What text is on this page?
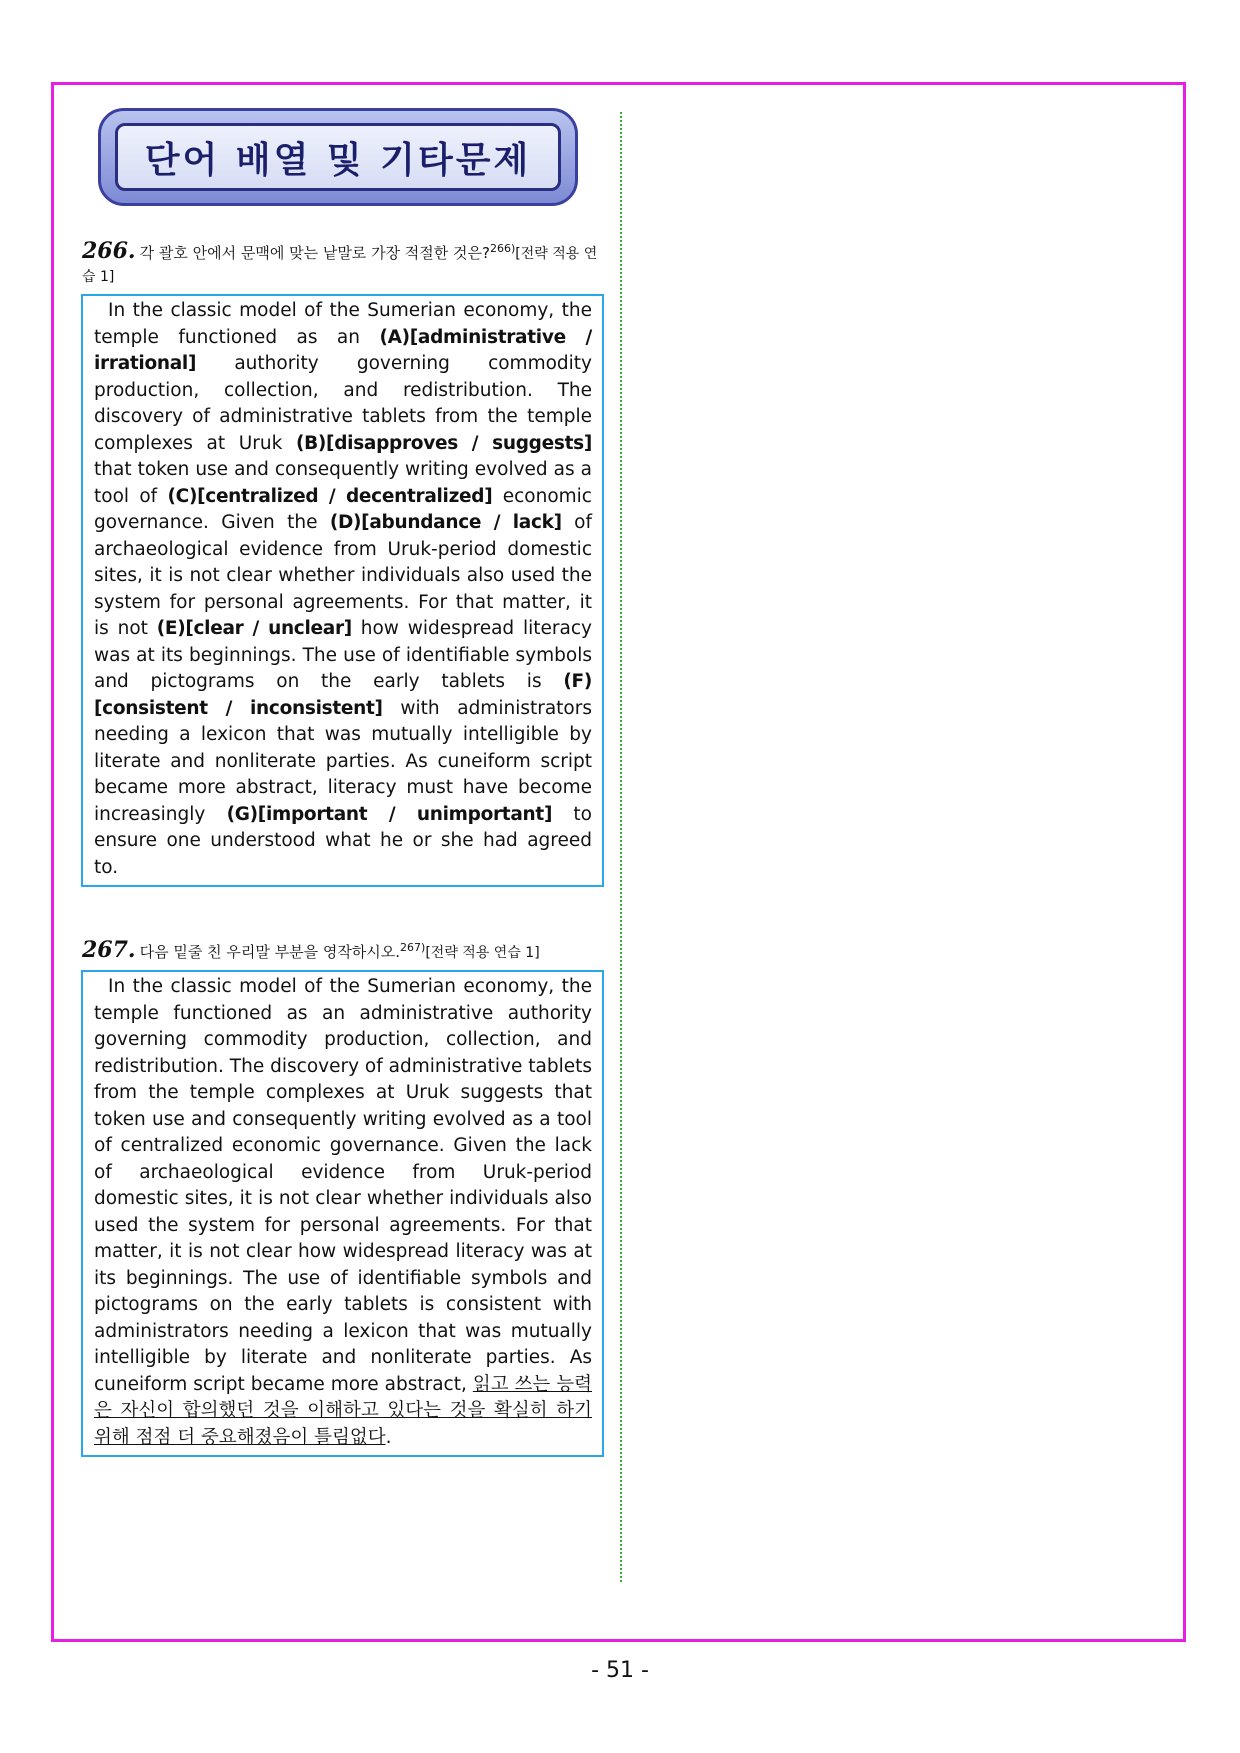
단어 배열 및 기타문제
266. 각 괄호 안에서 문맥에 맞는 낱말로 가장 적절한 것은?$^{266)}$[전략 적용 연습 1]
In the classic model of the Sumerian economy, the temple functioned as an (A)[administrative / irrational] authority governing commodity production, collection, and redistribution. The discovery of administrative tablets from the temple complexes at Uruk (B)[disapproves / suggests] that token use and consequently writing evolved as a tool of (C)[centralized / decentralized] economic governance. Given the (D)[abundance / lack] of archaeological evidence from Uruk-period domestic sites, it is not clear whether individuals also used the system for personal agreements. For that matter, it is not (E)[clear / unclear] how widespread literacy was at its beginnings. The use of identifiable symbols and pictograms on the early tablets is (F)[consistent / inconsistent] with administrators needing a lexicon that was mutually intelligible by literate and nonliterate parties. As cuneiform script became more abstract, literacy must have become increasingly (G)[important / unimportant] to ensure one understood what he or she had agreed to.
267. 다음 밑줄 친 우리말 부분을 영작하시오.$^{267)}$[전략 적용 연습 1]
In the classic model of the Sumerian economy, the temple functioned as an administrative authority governing commodity production, collection, and redistribution. The discovery of administrative tablets from the temple complexes at Uruk suggests that token use and consequently writing evolved as a tool of centralized economic governance. Given the lack of archaeological evidence from Uruk-period domestic sites, it is not clear whether individuals also used the system for personal agreements. For that matter, it is not clear how widespread literacy was at its beginnings. The use of identifiable symbols and pictograms on the early tablets is consistent with administrators needing a lexicon that was mutually intelligible by literate and nonliterate parties. As cuneiform script became more abstract, 읽고 쓰는 능력은 자신이 합의했던 것을 이해하고 있다는 것을 확실히 하기 위해 점점 더 중요해졌음이 틀림없다.
- 51 -
